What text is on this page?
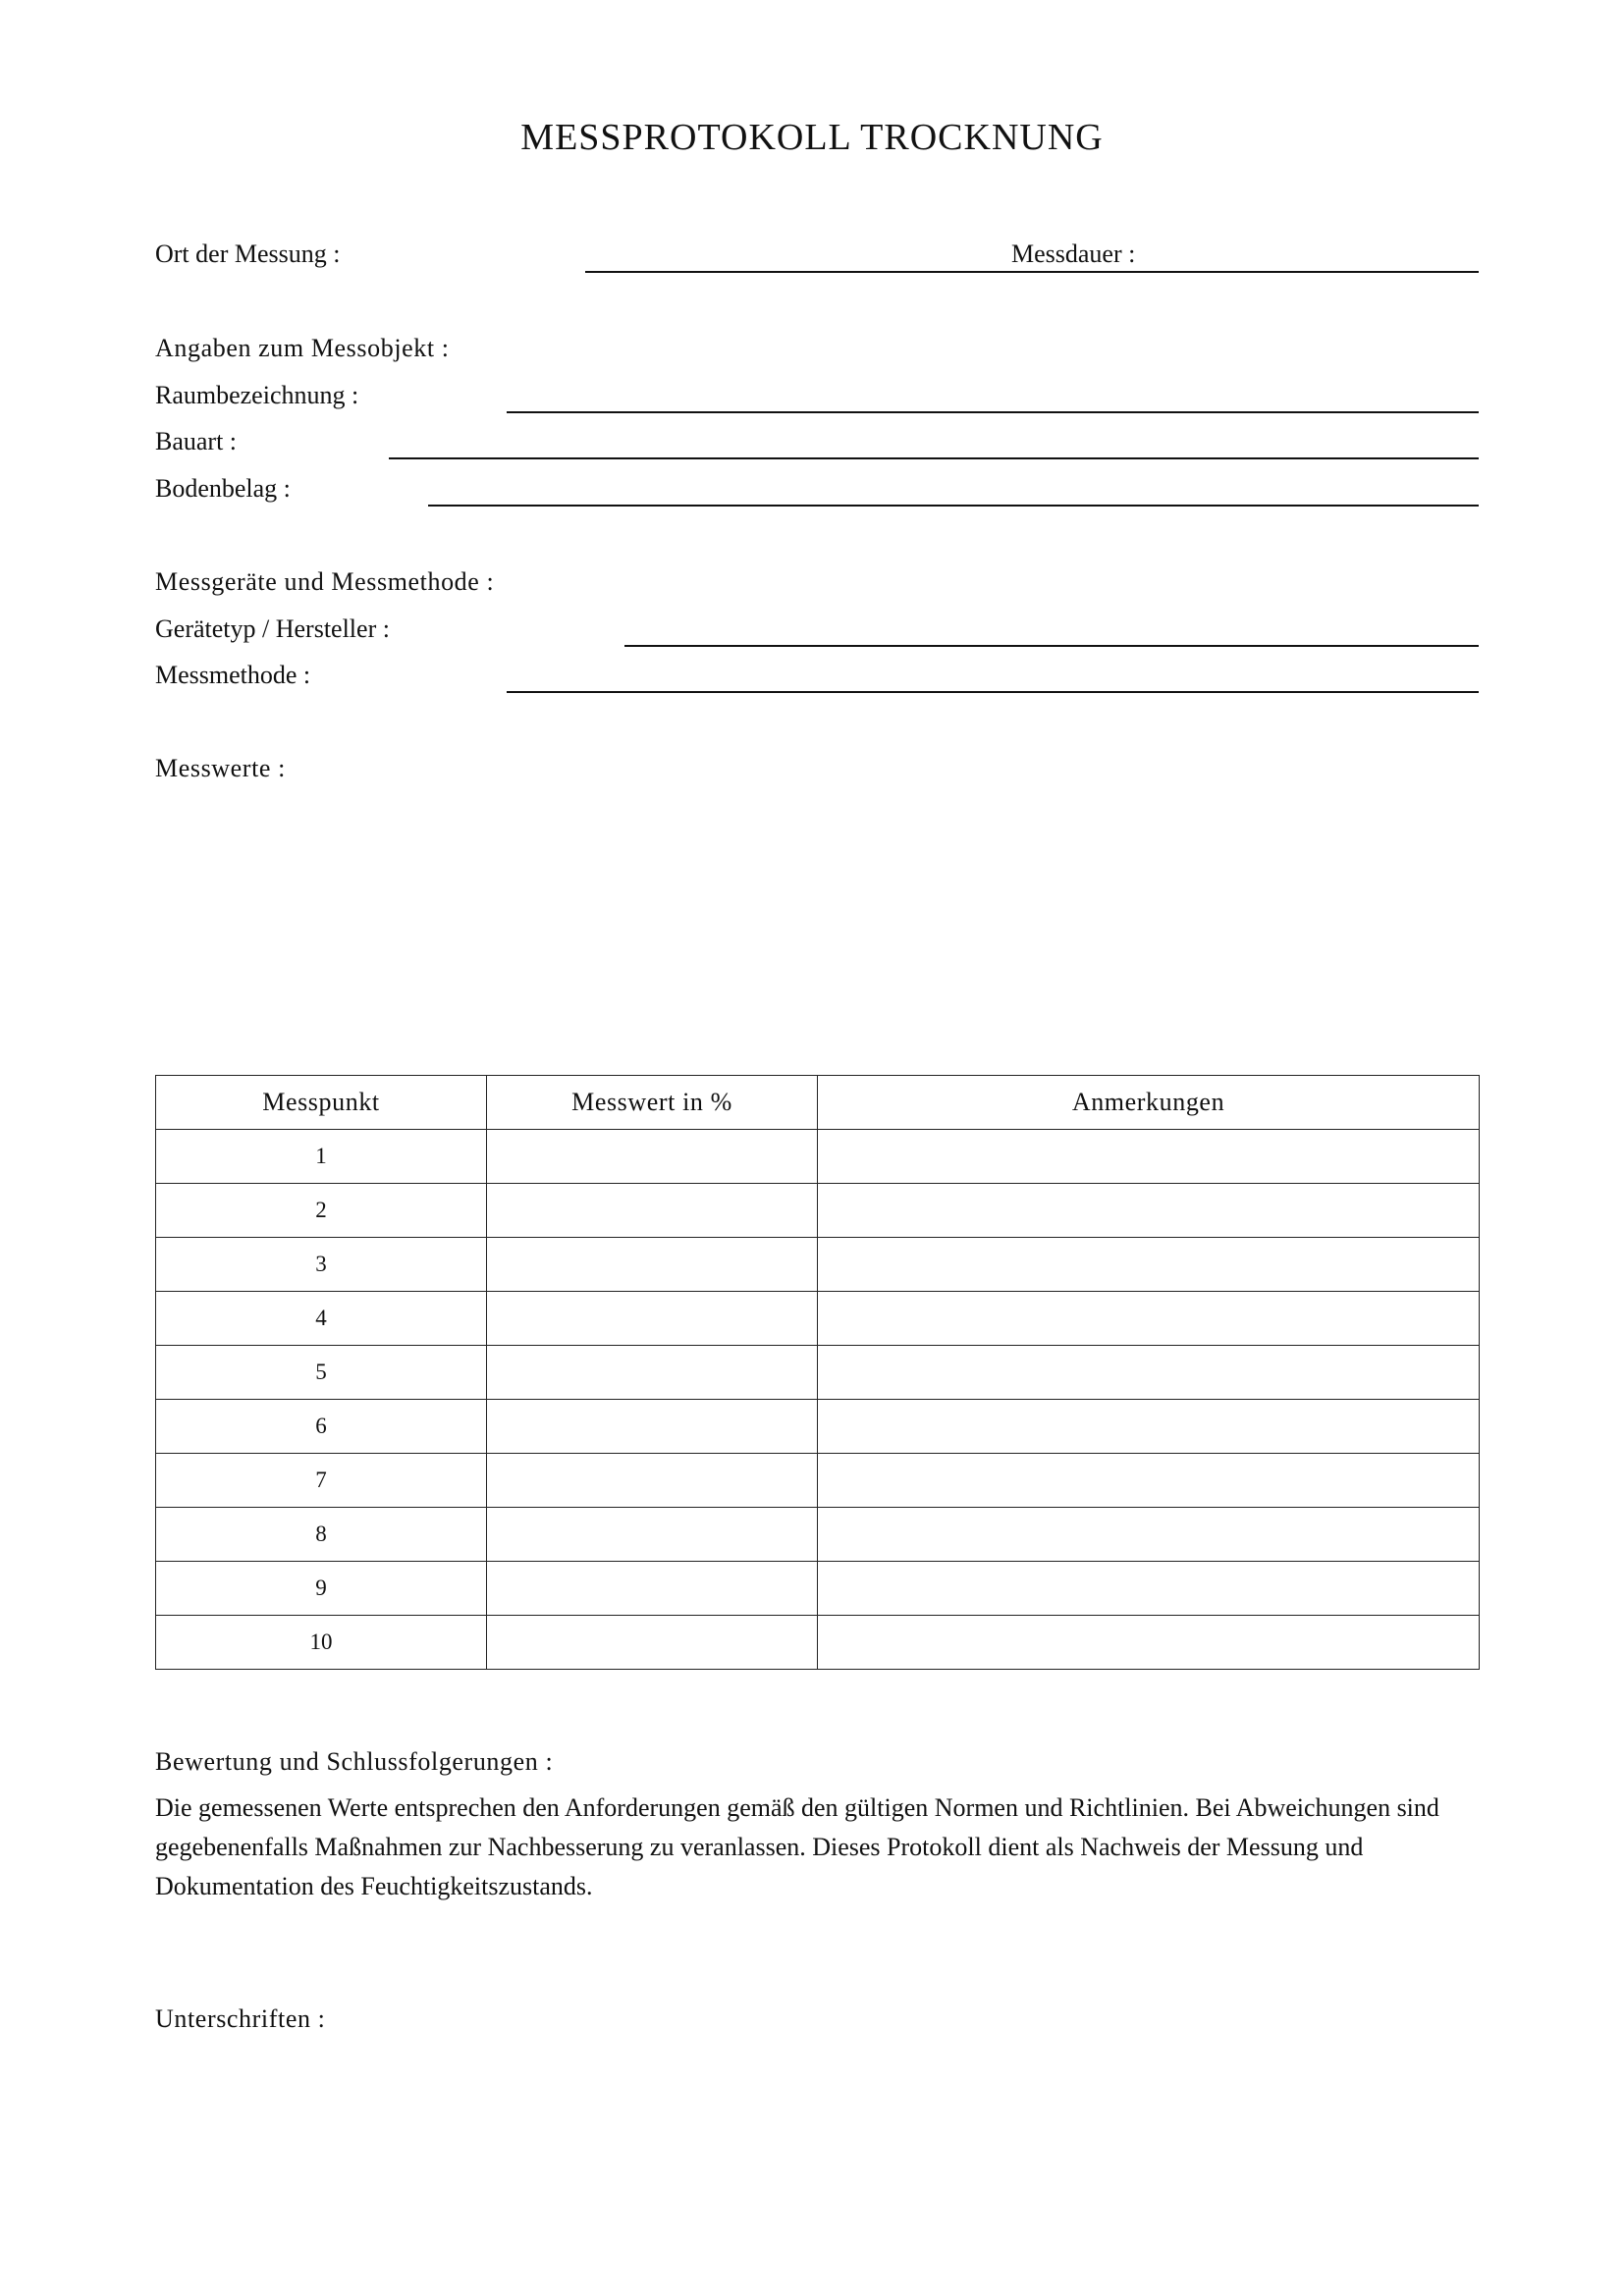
MESSPROTOKOLL TROCKNUNG
Ort der Messung :	Messdauer :
Angaben zum Messobjekt :
Raumbezeichnung :
Bauart :
Bodenbelag :
Messgeräte und Messmethode :
Gerätetyp / Hersteller :
Messmethode :
Messwerte :
Messpunkt	Messwert in %	Anmerkungen
1		
2		
3		
4		
5		
6		
7		
8		
9		
10		
Bewertung und Schlussfolgerungen :
Die gemessenen Werte entsprechen den Anforderungen gemäß den gültigen Normen und Richtlinien. Bei Abweichungen sind gegebenenfalls Maßnahmen zur Nachbesserung zu veranlassen. Dieses Protokoll dient als Nachweis der Messung und Dokumentation des Feuchtigkeitszustands.
Unterschriften :
